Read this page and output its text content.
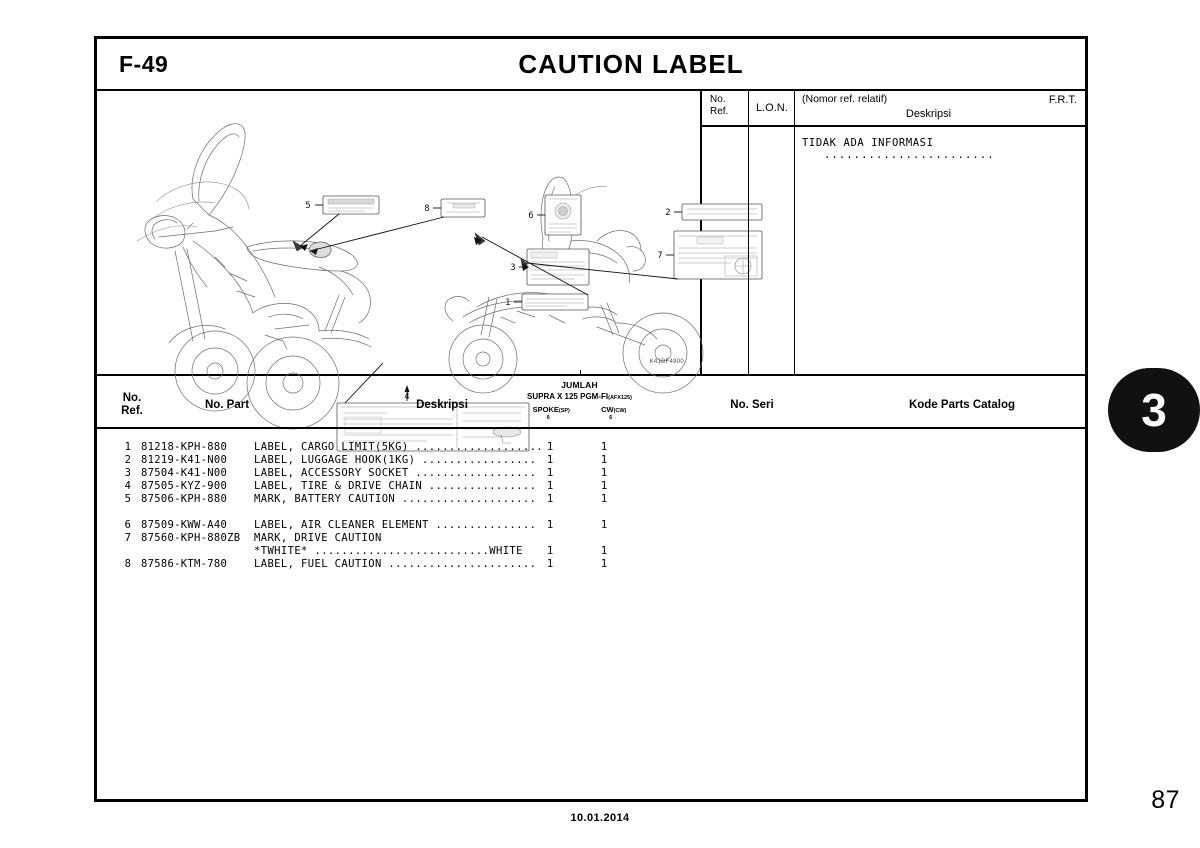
F-49	CAUTION LABEL
5	8
6
3
1
2
7
4
K41BF4900
No.
Ref.	L.O.N.
(Nomor ref. relatif)
Deskripsi
F.R.T.
TIDAK ADA INFORMASI .......................
No.
Ref.	No. Part	Deskripsi
JUMLAH
SUPRA X 125 PGM-FI(AFX125)
SPOKE(SP)	CW(CW)
6	6
No. Seri	Kode Parts Catalog
1 81218-KPH-880	LABEL, CARGO LIMIT(5KG) ................... 1	1
2 81219-K41-N00	LABEL, LUGGAGE HOOK(1KG) .................	1	1
3 87504-K41-N00	LABEL, ACCESSORY SOCKET ..................	1	1
4 87505-KYZ-900	LABEL, TIRE & DRIVE CHAIN ................	1	1
5 87506-KPH-880	MARK, BATTERY CAUTION ....................	1	1
6 87509-KWW-A40	LABEL, AIR CLEANER ELEMENT ...............	1	1
7 87560-KPH-880ZB MARK, DRIVE CAUTION
*TWHITE* ..........................WHITE	1	1
8 87586-KTM-780	LABEL, FUEL CAUTION ......................	1	1
3
10.01.2014
87
